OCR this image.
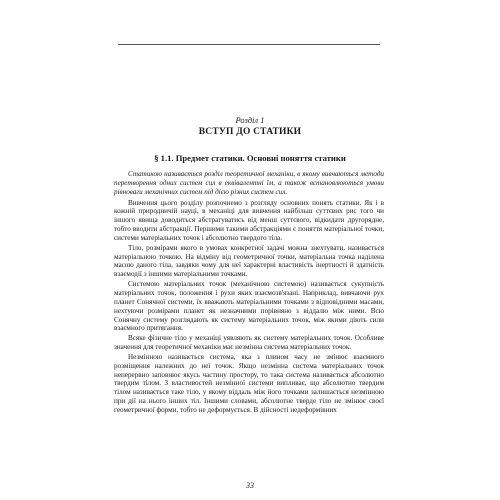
Розділ 1
ВСТУП ДО СТАТИКИ
§ 1.1. Предмет статики. Основні поняття статики

Статикою називається розділ теоретичної механіки, в якому вивчаються методи перетворення одних систем сил в еквівалентні їм, а також встановлюються умови рівноваги механічних систем під дією різних систем сил.

Вивчення цього розділу розпочнемо з розгляду основних понять статики. Як і в кожній природничій науці, в механіці для вивчення найбільш суттєвих рис того чи іншого явища доводиться абстрагуватись від менш суттєвого, відкидати другорядне, тобто вводити абстракції. Першими такими абстракціями є поняття матеріальної точки, системи матеріальних точок і абсолютно твердого тіла.

Тіло, розмірами якого в умовах конкретної задачі можна знехтувати, називається матеріальною точкою. На відміну від геометричної точки, матеріальна точка наділена масою даного тіла, завдяки чому для неї характерні властивість інертності й здатність взаємодії з іншими матеріальними точками.

Системою матеріальних точок (механічною системою) називається сукупність матеріальних точок, положення і рухи яких взаємозв'язані. Наприклад, вивчаючи рух планет Сонячної системи, їх вважають матеріальними точками з відповідними масами, нехтуючи розмірами планет як незначними порівняно з віддалю між ними. Всю Сонячну систему розглядають як систему матеріальних точок, між якими діють сили взаємного притягання.

Всяке фізичне тіло у механіці уявляють як систему матеріальних точок. Особливе значення для теоретичної механіки має незмінна система матеріальних точок.

Незмінною називається система, яка з плином часу не змінює взаємного розміщення належних до неї точок. Якщо незмінна система матеріальних точок неперервно заповнює якусь частину простору, то така система називається абсолютно твердим тілом. З властивостей незмінної системи випливає, що абсолютно твердим тілом називається таке тіло, у якому віддаль між його точками залишається незмінною при дії на нього інших тіл. Іншими словами, абсолютне тверде тіло не змінює своєї геометричної форми, тобто не деформується. В дійсності недеформівних

33
